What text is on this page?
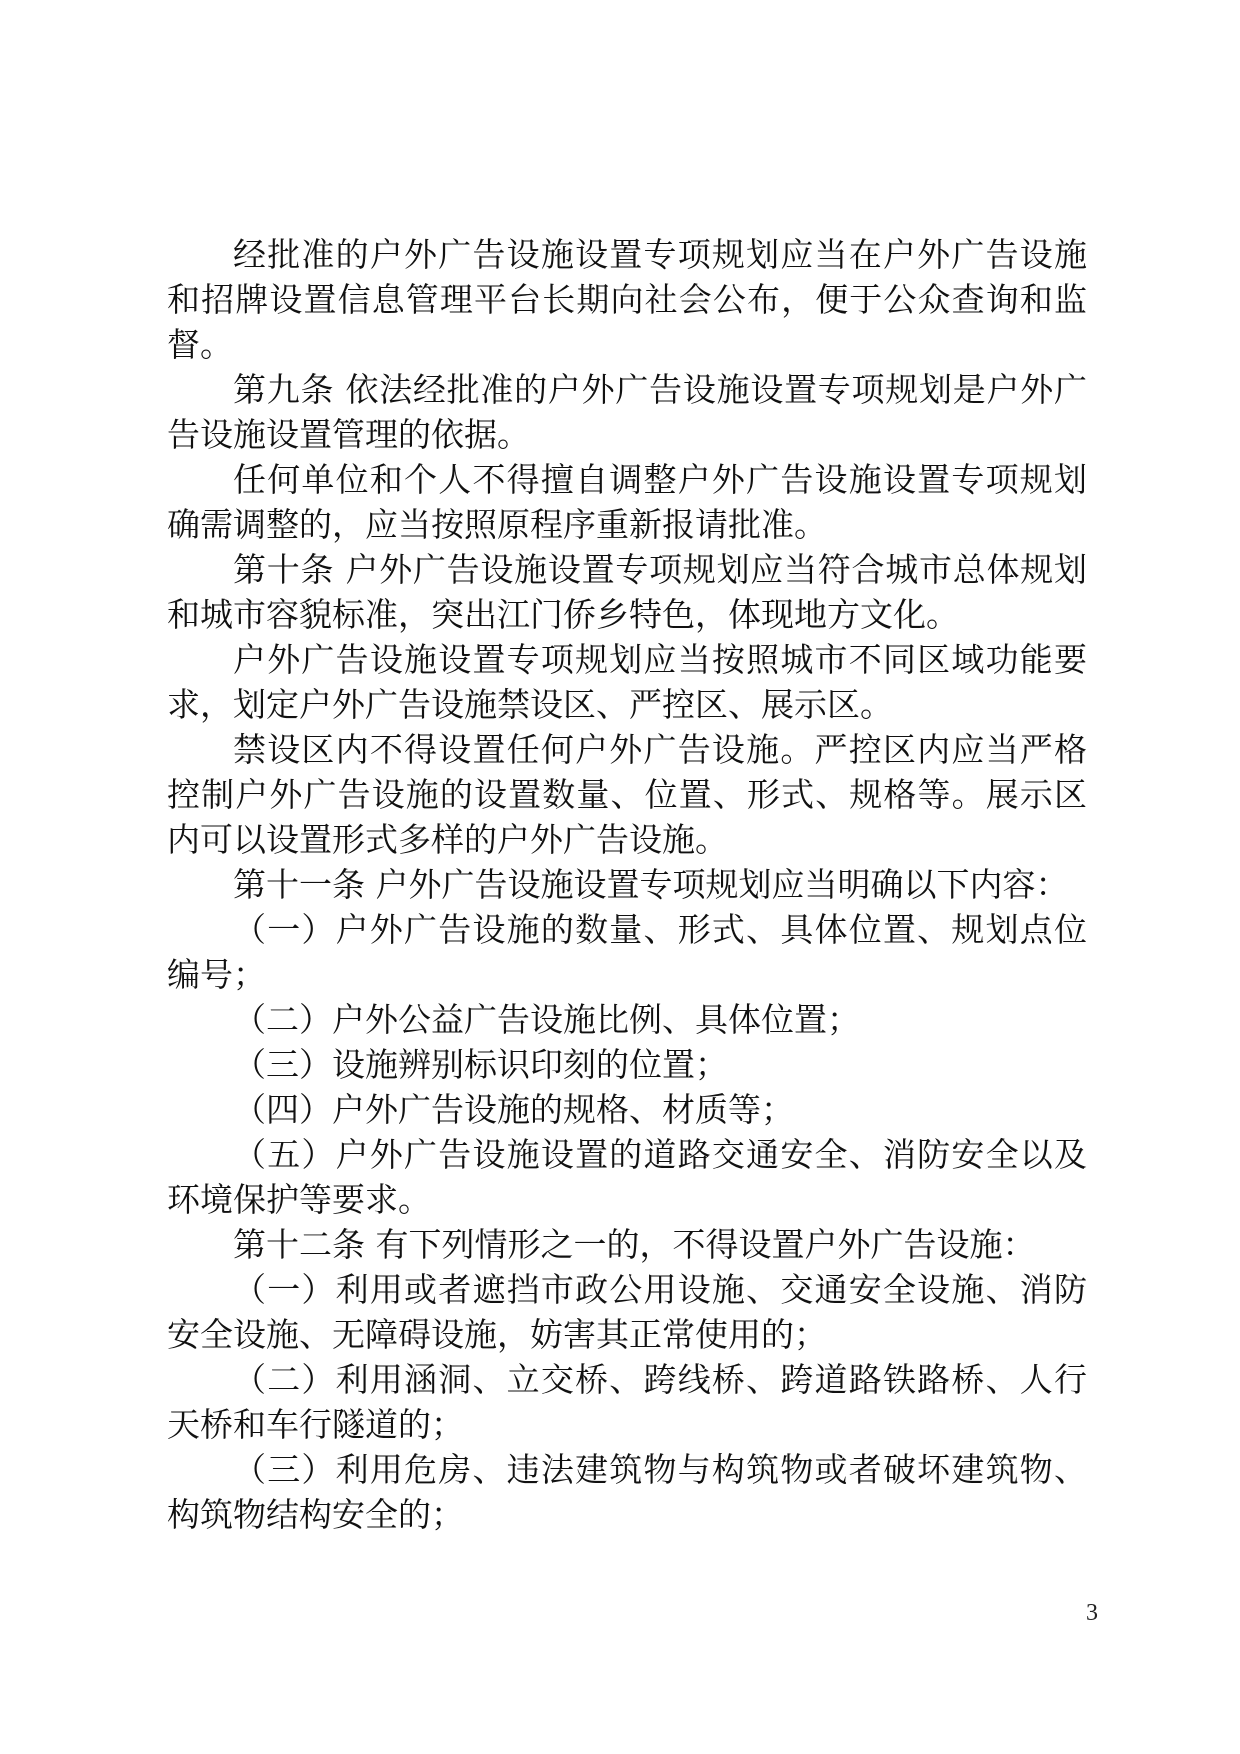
经批准的户外广告设施设置专项规划应当在户外广告设施和招牌设置信息管理平台长期向社会公布，便于公众查询和监督。

第九条 依法经批准的户外广告设施设置专项规划是户外广告设施设置管理的依据。

任何单位和个人不得擅自调整户外广告设施设置专项规划确需调整的，应当按照原程序重新报请批准。

第十条 户外广告设施设置专项规划应当符合城市总体规划和城市容貌标准，突出江门侨乡特色，体现地方文化。

户外广告设施设置专项规划应当按照城市不同区域功能要求，划定户外广告设施禁设区、严控区、展示区。

禁设区内不得设置任何户外广告设施。严控区内应当严格控制户外广告设施的设置数量、位置、形式、规格等。展示区内可以设置形式多样的户外广告设施。

第十一条 户外广告设施设置专项规划应当明确以下内容：

（一）户外广告设施的数量、形式、具体位置、规划点位编号；

（二）户外公益广告设施比例、具体位置；

（三）设施辨别标识印刻的位置；

（四）户外广告设施的规格、材质等；

（五）户外广告设施设置的道路交通安全、消防安全以及环境保护等要求。

第十二条 有下列情形之一的，不得设置户外广告设施：

（一）利用或者遮挡市政公用设施、交通安全设施、消防安全设施、无障碍设施，妨害其正常使用的；

（二）利用涵洞、立交桥、跨线桥、跨道路铁路桥、人行天桥和车行隧道的；

（三）利用危房、违法建筑物与构筑物或者破坏建筑物、构筑物结构安全的；

3
